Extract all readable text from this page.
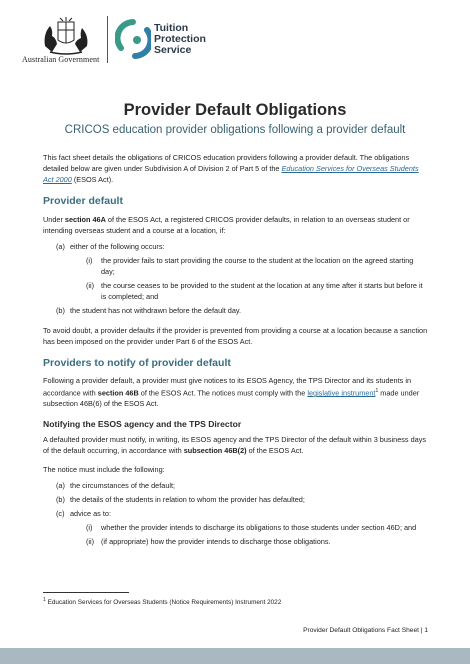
Australian Government
Tuition
Protection
Service
Provider Default Obligations
CRICOS education provider obligations following a provider default

This fact sheet details the obligations of CRICOS education providers following a provider default. The obligations detailed below are given under Subdivision A of Division 2 of Part 5 of the Education Services for Overseas Students Act 2000 (ESOS Act).

Provider default

Under section 46A of the ESOS Act, a registered CRICOS provider defaults, in relation to an overseas student or intending overseas student and a course at a location, if:

(a) either of the following occurs:
(i)	the provider fails to start providing the course to the student at the location on the agreed starting day;
(ii) the course ceases to be provided to the student at the location at any time after it starts but before it is completed; and
(b) the student has not withdrawn before the default day.

To avoid doubt, a provider defaults if the provider is prevented from providing a course at a location because a sanction has been imposed on the provider under Part 6 of the ESOS Act.

Providers to notify of provider default

Following a provider default, a provider must give notices to its ESOS Agency, the TPS Director and its students in accordance with section 46B of the ESOS Act. The notices must comply with the legislative instrument$^1$ made under subsection 46B(6) of the ESOS Act.

Notifying the ESOS agency and the TPS Director

A defaulted provider must notify, in writing, its ESOS agency and the TPS Director of the default within 3 business days of the default occurring, in accordance with subsection 46B(2) of the ESOS Act.

The notice must include the following:

(a) the circumstances of the default;
(b) the details of the students in relation to whom the provider has defaulted;
(c) advice as to:
(i)	whether the provider intends to discharge its obligations to those students under section 46D; and
(ii) (if appropriate) how the provider intends to discharge those obligations.
$^1$ Education Services for Overseas Students (Notice Requirements) Instrument 2022
Provider Default Obligations Fact Sheet | 1
